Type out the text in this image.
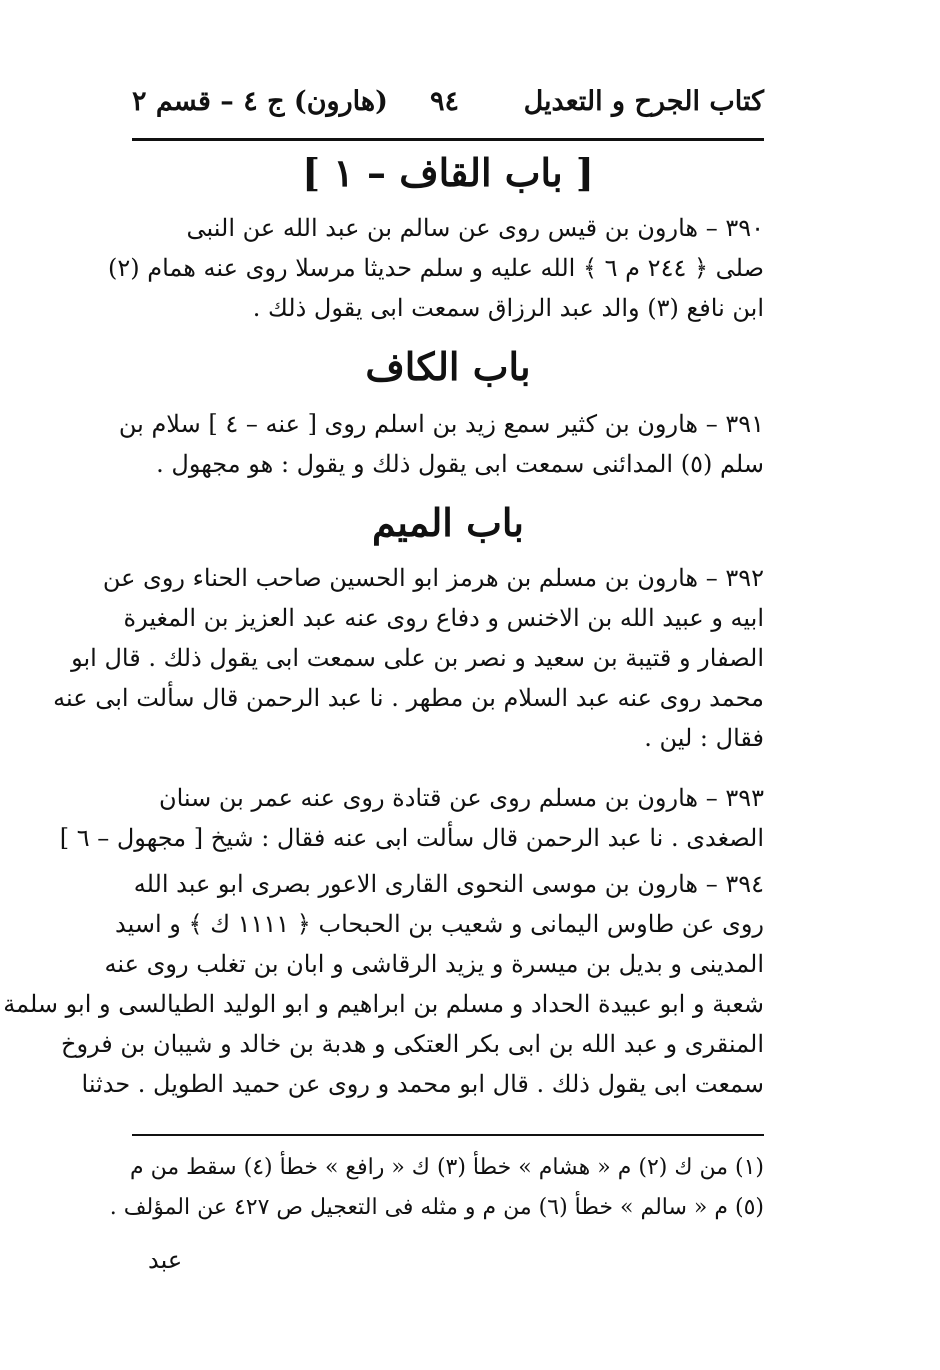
كتاب الجرح و التعديل
٩٤
(هارون) ج ٤ – قسم ٢
[ باب القاف – ١ ]
٣٩٠ – هارون بن قيس روى عن سالم بن عبد الله عن النبى
صلى ﴿ ٢٤٤ م ٦ ﴾ الله عليه و سلم حديثا مرسلا روى عنه همام (٢)
ابن نافع (٣) والد عبد الرزاق سمعت ابى يقول ذلك .
باب الكاف
٣٩١ – هارون بن كثير سمع زيد بن اسلم روى [ عنه – ٤ ] سلام بن
سلم (٥) المدائنى سمعت ابى يقول ذلك و يقول : هو مجهول .
باب الميم
٣٩٢ – هارون بن مسلم بن هرمز ابو الحسين صاحب الحناء روى عن
ابيه و عبيد الله بن الاخنس و دفاع روى عنه عبد العزيز بن المغيرة
الصفار و قتيبة بن سعيد و نصر بن على سمعت ابى يقول ذلك . قال ابو
محمد روى عنه عبد السلام بن مطهر . نا عبد الرحمن قال سألت ابى عنه
فقال : لين .
٣٩٣ – هارون بن مسلم روى عن قتادة روى عنه عمر بن سنان
الصغدى . نا عبد الرحمن قال سألت ابى عنه فقال : شيخ [ مجهول – ٦ ]
٣٩٤ – هارون بن موسى النحوى القارى الاعور بصرى ابو عبد الله
روى عن طاوس اليمانى و شعيب بن الحبحاب ﴿ ١١١١ ك ﴾ و اسيد
المدينى و بديل بن ميسرة و يزيد الرقاشى و ابان بن تغلب روى عنه
شعبة و ابو عبيدة الحداد و مسلم بن ابراهيم و ابو الوليد الطيالسى و ابو سلمة
المنقرى و عبد الله بن ابى بكر العتكى و هدبة بن خالد و شيبان بن فروخ
سمعت ابى يقول ذلك . قال ابو محمد و روى عن حميد الطويل . حدثنا
(١) من ك (٢) م « هشام » خطأ (٣) ك « رافع » خطأ (٤) سقط من م
(٥) م « سالم » خطأ (٦) من م و مثله فى التعجيل ص ٤٢٧ عن المؤلف .
عبد
